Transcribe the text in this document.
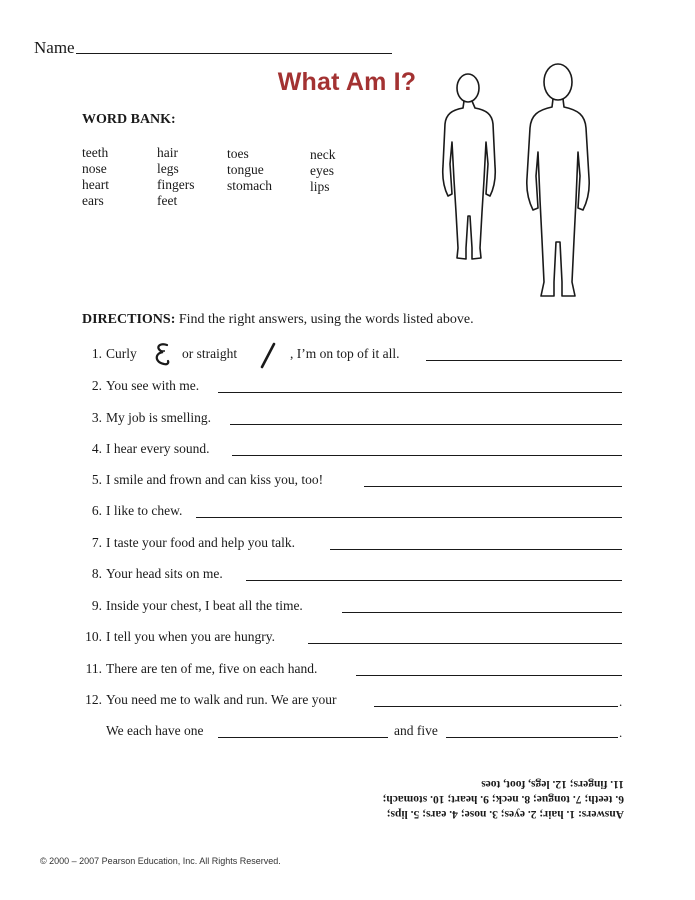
Name
What Am I?
WORD BANK:
teeth
nose
heart
ears
hair
legs
fingers
feet
toes
tongue
stomach
neck
eyes
lips
DIRECTIONS: Find the right answers, using the words listed above.
1. Curly	or straight	, I’m on top of it all.
2. You see with me.
3. My job is smelling.
4. I hear every sound.
5. I smile and frown and can kiss you, too!
6. I like to chew.
7. I taste your food and help you talk.
8. Your head sits on me.
9. Inside your chest, I beat all the time.
10. I tell you when you are hungry.
11. There are ten of me, five on each hand.
12. You need me to walk and run. We are your	.
We each have one	and five	.
Answers: 1. hair; 2. eyes; 3. nose; 4. ears; 5. lips;
6. teeth; 7. tongue; 8. neck; 9. heart; 10. stomach;
11. fingers; 12. legs, foot, toes
© 2000 – 2007 Pearson Education, Inc. All Rights Reserved.
